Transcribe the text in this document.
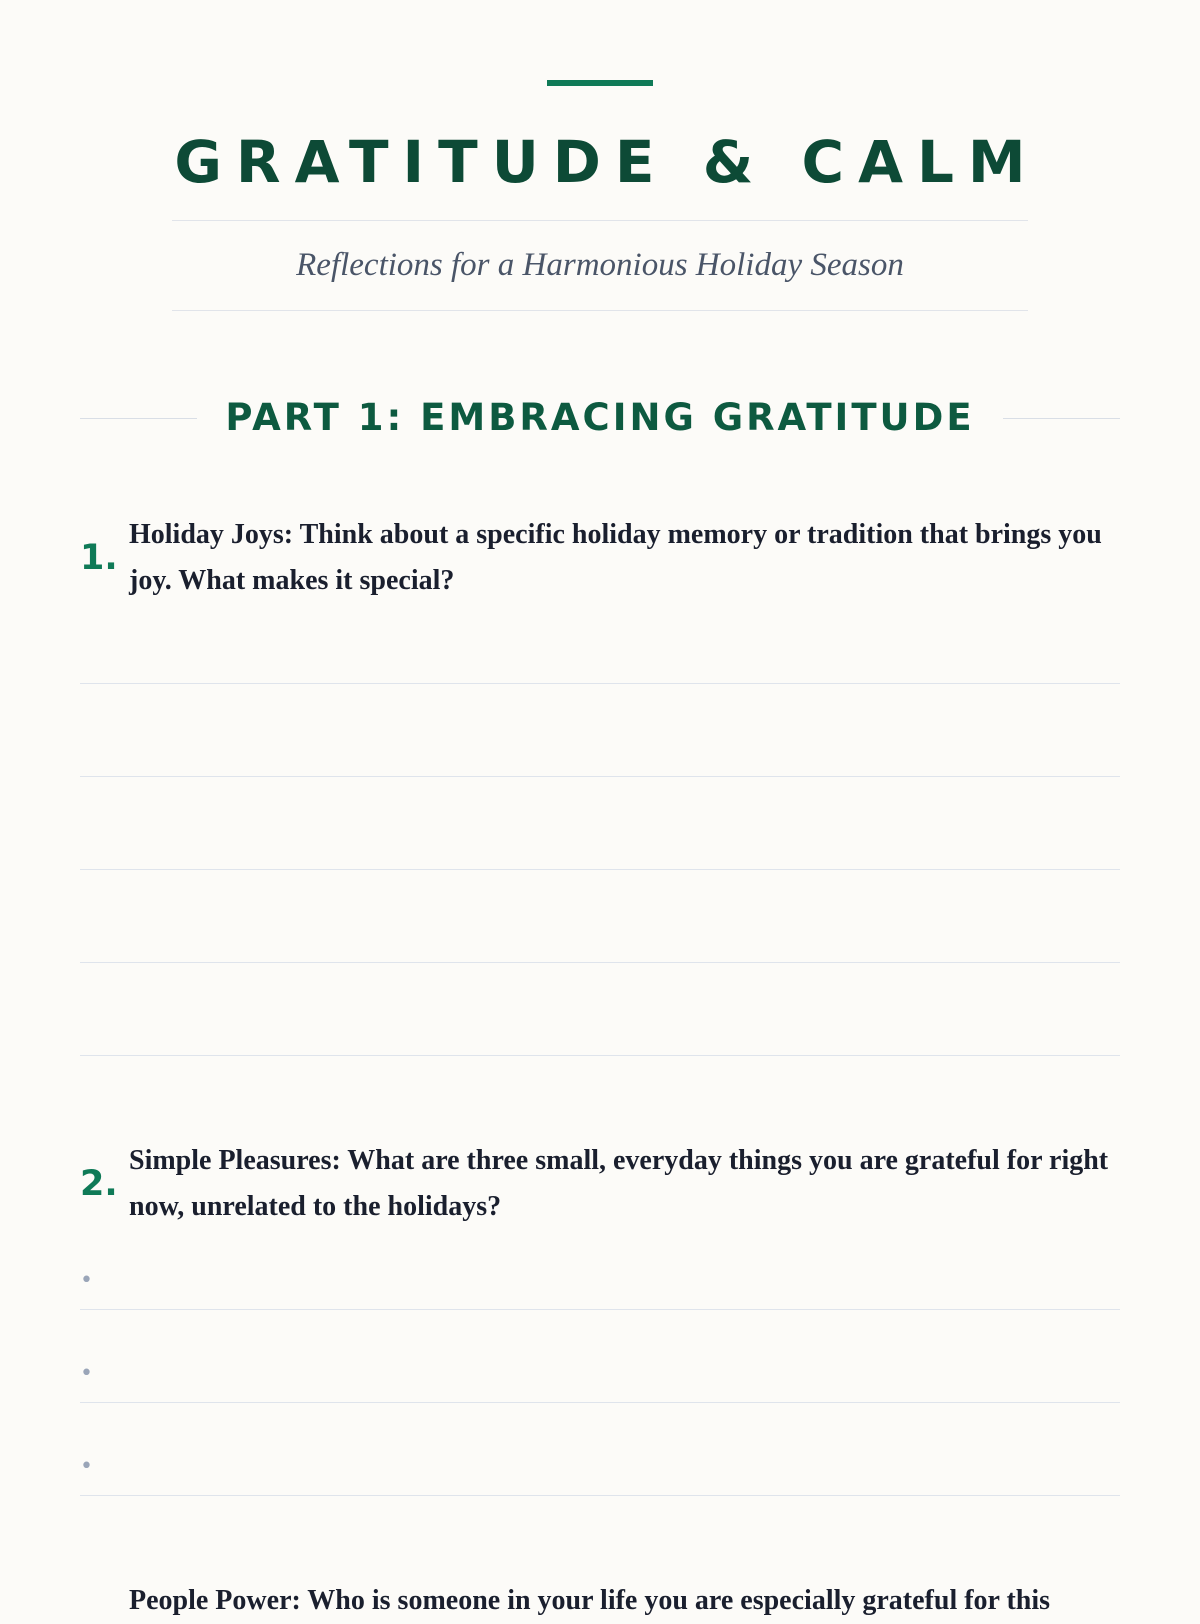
GRATITUDE & CALM
Reflections for a Harmonious Holiday Season
PART 1: EMBRACING GRATITUDE
1.
Holiday Joys: Think about a specific holiday memory or tradition that brings you joy. What makes it special?
2.
Simple Pleasures: What are three small, everyday things you are grateful for right now, unrelated to the holidays?
•
•
•
People Power: Who is someone in your life you are especially grateful for this
